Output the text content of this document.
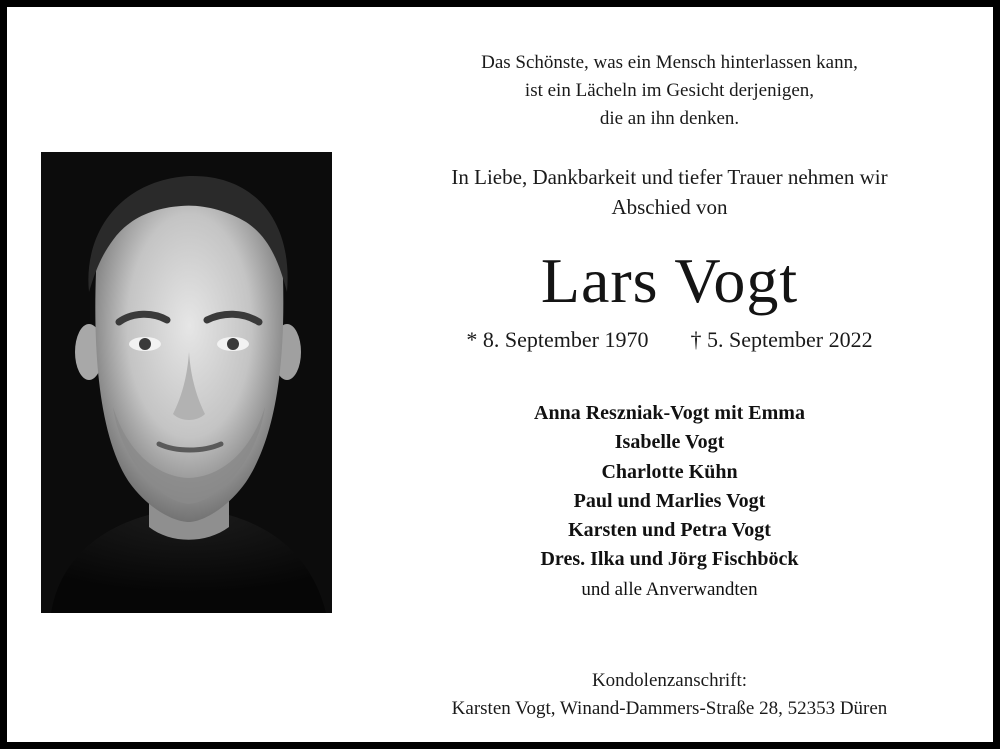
Das Schönste, was ein Mensch hinterlassen kann,
ist ein Lächeln im Gesicht derjenigen,
die an ihn denken.
In Liebe, Dankbarkeit und tiefer Trauer nehmen wir
Abschied von
Lars Vogt
* 8. September 1970 † 5. September 2022
Anna Reszniak-Vogt mit Emma
Isabelle Vogt
Charlotte Kühn
Paul und Marlies Vogt
Karsten und Petra Vogt
Dres. Ilka und Jörg Fischböck
und alle Anverwandten
Kondolenzanschrift:
Karsten Vogt, Winand-Dammers-Straße 28, 52353 Düren
